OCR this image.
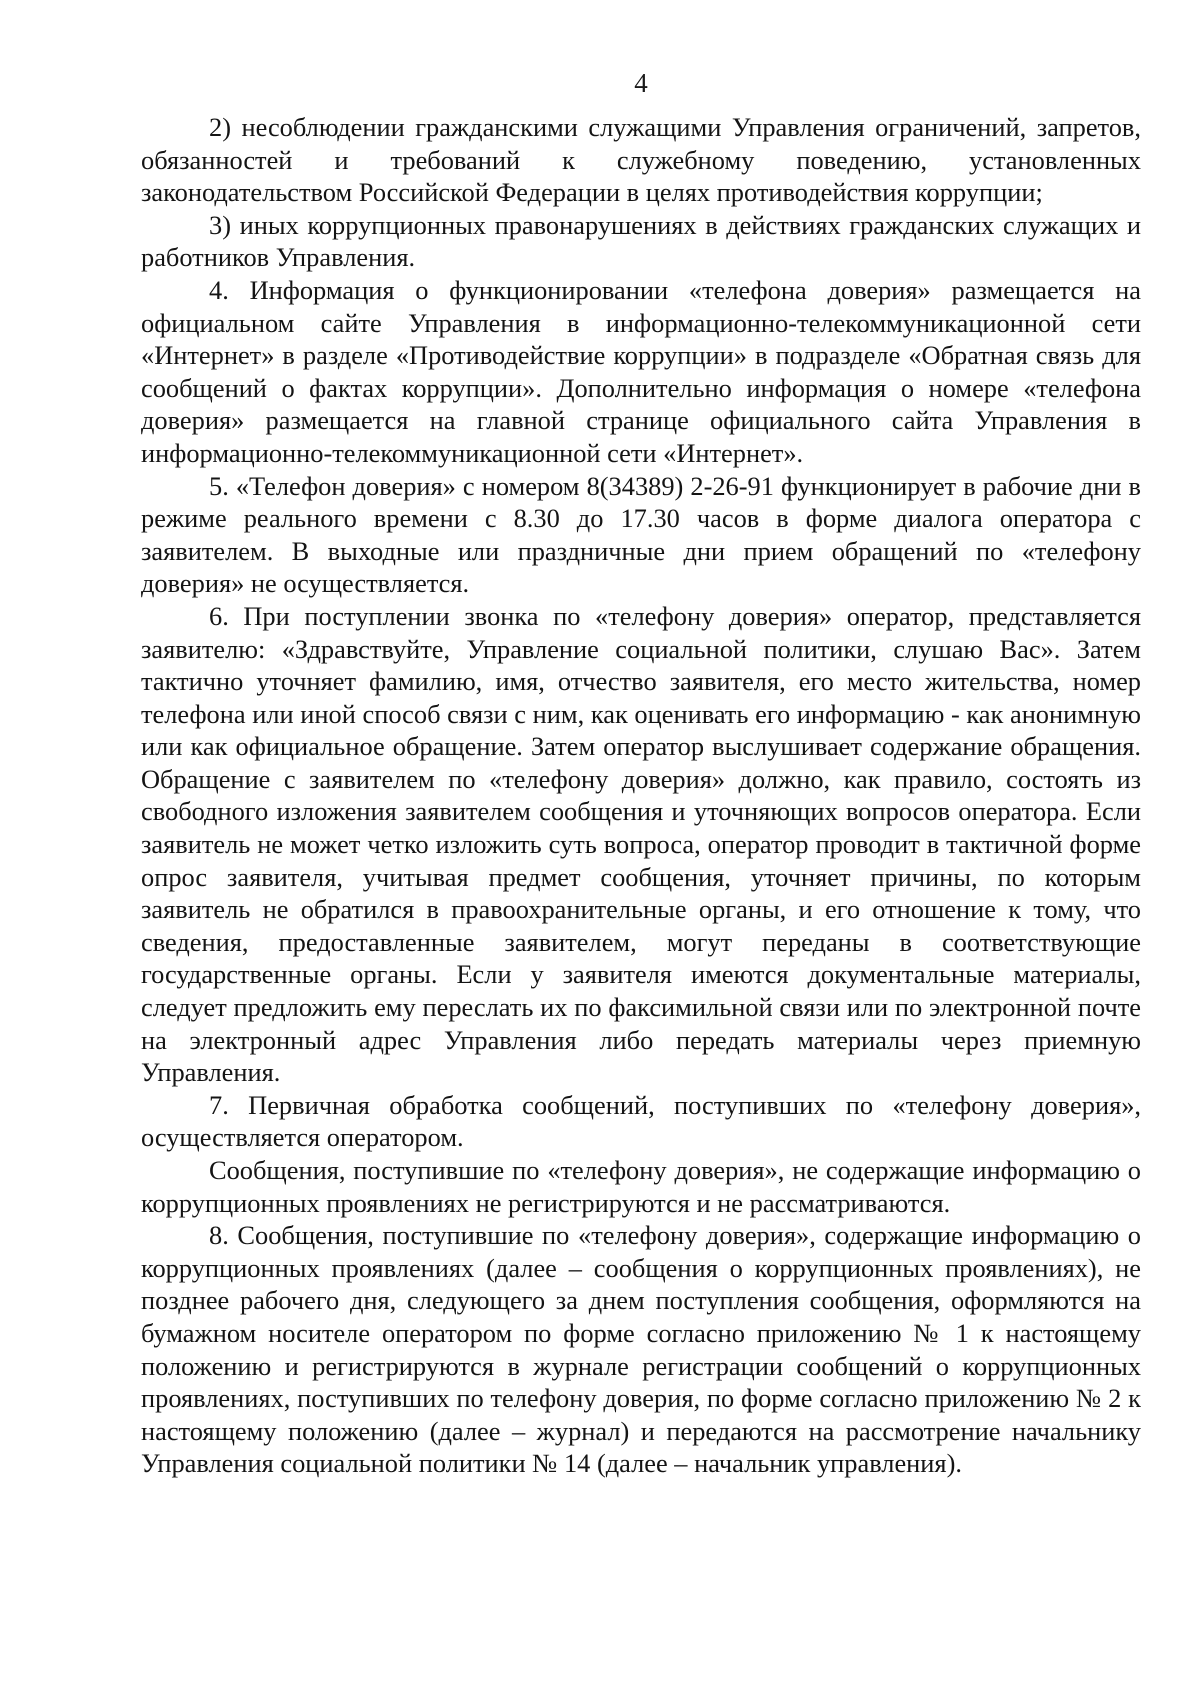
4

2) несоблюдении гражданскими служащими Управления ограничений, запретов, обязанностей и требований к служебному поведению, установленных законодательством Российской Федерации в целях противодействия коррупции;

3) иных коррупционных правонарушениях в действиях гражданских служащих и работников Управления.

4. Информация о функционировании «телефона доверия» размещается на официальном сайте Управления в информационно-телекоммуникационной сети «Интернет» в разделе «Противодействие коррупции» в подразделе «Обратная связь для сообщений о фактах коррупции». Дополнительно информация о номере «телефона доверия» размещается на главной странице официального сайта Управления в информационно-телекоммуникационной сети «Интернет».

5. «Телефон доверия» с номером 8(34389) 2-26-91 функционирует в рабочие дни в режиме реального времени с 8.30 до 17.30 часов в форме диалога оператора с заявителем. В выходные или праздничные дни прием обращений по «телефону доверия» не осуществляется.

6. При поступлении звонка по «телефону доверия» оператор, представляется заявителю: «Здравствуйте, Управление социальной политики, слушаю Вас». Затем тактично уточняет фамилию, имя, отчество заявителя, его место жительства, номер телефона или иной способ связи с ним, как оценивать его информацию - как анонимную или как официальное обращение. Затем оператор выслушивает содержание обращения. Обращение с заявителем по «телефону доверия» должно, как правило, состоять из свободного изложения заявителем сообщения и уточняющих вопросов оператора. Если заявитель не может четко изложить суть вопроса, оператор проводит в тактичной форме опрос заявителя, учитывая предмет сообщения, уточняет причины, по которым заявитель не обратился в правоохранительные органы, и его отношение к тому, что сведения, предоставленные заявителем, могут переданы в соответствующие государственные органы. Если у заявителя имеются документальные материалы, следует предложить ему переслать их по факсимильной связи или по электронной почте на электронный адрес Управления либо передать материалы через приемную Управления.

7. Первичная обработка сообщений, поступивших по «телефону доверия», осуществляется оператором.

Сообщения, поступившие по «телефону доверия», не содержащие информацию о коррупционных проявлениях не регистрируются и не рассматриваются.

8. Сообщения, поступившие по «телефону доверия», содержащие информацию о коррупционных проявлениях (далее – сообщения о коррупционных проявлениях), не позднее рабочего дня, следующего за днем поступления сообщения, оформляются на бумажном носителе оператором по форме согласно приложению № 1 к настоящему положению и регистрируются в журнале регистрации сообщений о коррупционных проявлениях, поступивших по телефону доверия, по форме согласно приложению № 2 к настоящему положению (далее – журнал) и передаются на рассмотрение начальнику Управления социальной политики № 14 (далее – начальник управления).
